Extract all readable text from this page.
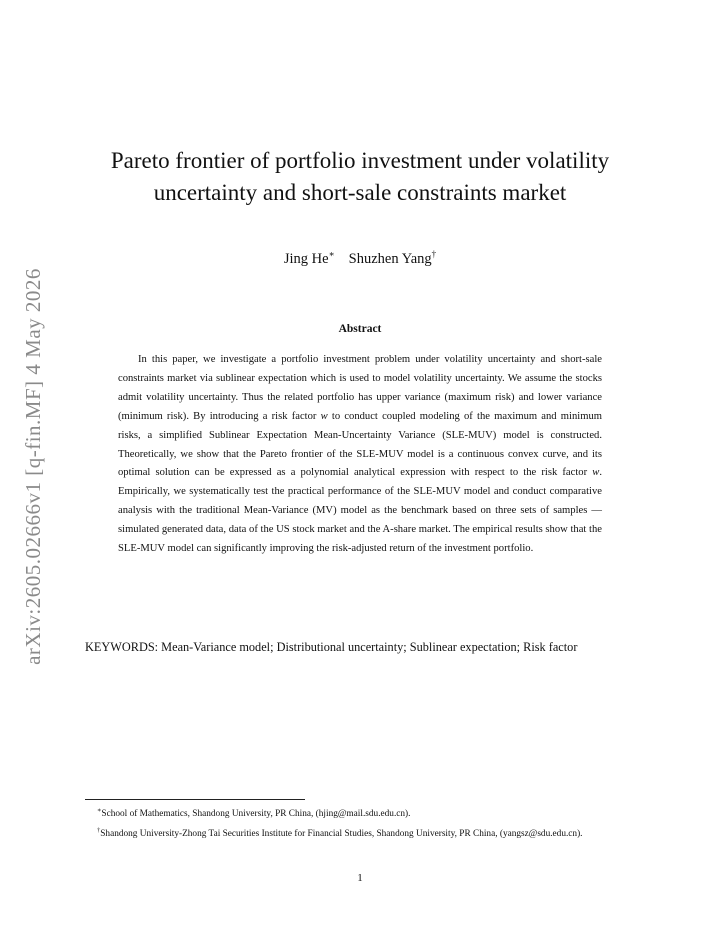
arXiv:2605.02666v1 [q-fin.MF] 4 May 2026
Pareto frontier of portfolio investment under volatility
uncertainty and short-sale constraints market
Jing He∗ Shuzhen Yang†
Abstract
In this paper, we investigate a portfolio investment problem under volatility uncertainty and short-sale constraints market via sublinear expectation which is used to model volatility uncertainty. We assume the stocks admit volatility uncertainty. Thus the related portfolio has upper variance (maximum risk) and lower variance (minimum risk). By introducing a risk factor w to conduct coupled modeling of the maximum and minimum risks, a simplified Sublinear Expectation Mean-Uncertainty Variance (SLE-MUV) model is constructed. Theoretically, we show that the Pareto frontier of the SLE-MUV model is a continuous convex curve, and its optimal solution can be expressed as a polynomial analytical expression with respect to the risk factor w. Empirically, we systematically test the practical performance of the SLE-MUV model and conduct comparative analysis with the traditional Mean-Variance (MV) model as the benchmark based on three sets of samples — simulated generated data, data of the US stock market and the A-share market. The empirical results show that the SLE-MUV model can significantly improving the risk-adjusted return of the investment portfolio.
KEYWORDS: Mean-Variance model; Distributional uncertainty; Sublinear expectation; Risk factor

∗School of Mathematics, Shandong University, PR China, (hjing@mail.sdu.edu.cn).

†Shandong University-Zhong Tai Securities Institute for Financial Studies, Shandong University, PR China, (yangsz@sdu.edu.cn).

1
